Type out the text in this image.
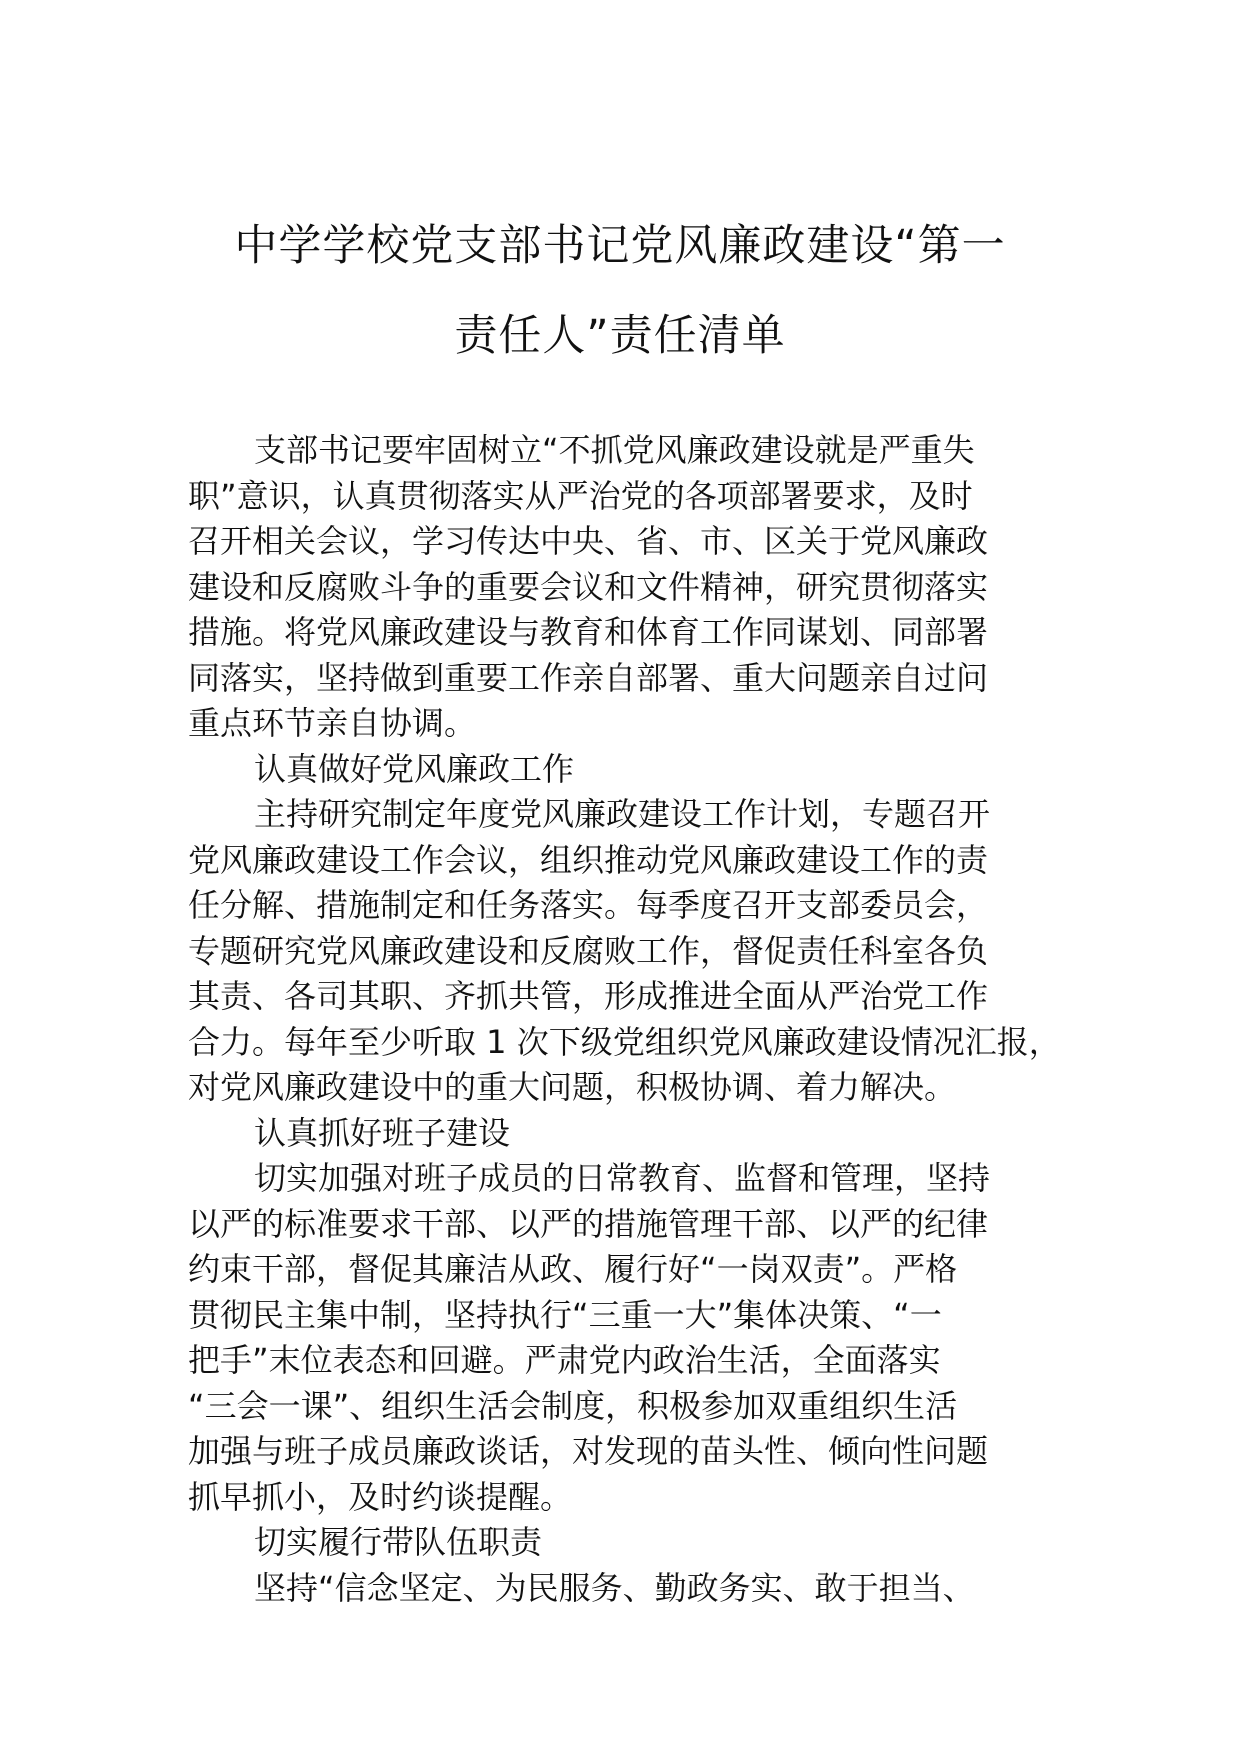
中学学校党支部书记党风廉政建设“第一
责任人”责任清单

支部书记要牢固树立“不抓党风廉政建设就是严重失

职”意识，认真贯彻落实从严治党的各项部署要求，及时

召开相关会议，学习传达中央、省、市、区关于党风廉政

建设和反腐败斗争的重要会议和文件精神，研究贯彻落实

措施。将党风廉政建设与教育和体育工作同谋划、同部署

同落实，坚持做到重要工作亲自部署、重大问题亲自过问

重点环节亲自协调。

认真做好党风廉政工作

主持研究制定年度党风廉政建设工作计划，专题召开

党风廉政建设工作会议，组织推动党风廉政建设工作的责

任分解、措施制定和任务落实。每季度召开支部委员会，

专题研究党风廉政建设和反腐败工作，督促责任科室各负

其责、各司其职、齐抓共管，形成推进全面从严治党工作

合力。每年至少听取 1 次下级党组织党风廉政建设情况汇报，

对党风廉政建设中的重大问题，积极协调、着力解决。

认真抓好班子建设

切实加强对班子成员的日常教育、监督和管理，坚持

以严的标准要求干部、以严的措施管理干部、以严的纪律

约束干部，督促其廉洁从政、履行好“一岗双责”。严格

贯彻民主集中制，坚持执行“三重一大”集体决策、“一

把手”末位表态和回避。严肃党内政治生活，全面落实

“三会一课”、组织生活会制度，积极参加双重组织生活

加强与班子成员廉政谈话，对发现的苗头性、倾向性问题

抓早抓小，及时约谈提醒。

切实履行带队伍职责

坚持“信念坚定、为民服务、勤政务实、敢于担当、
